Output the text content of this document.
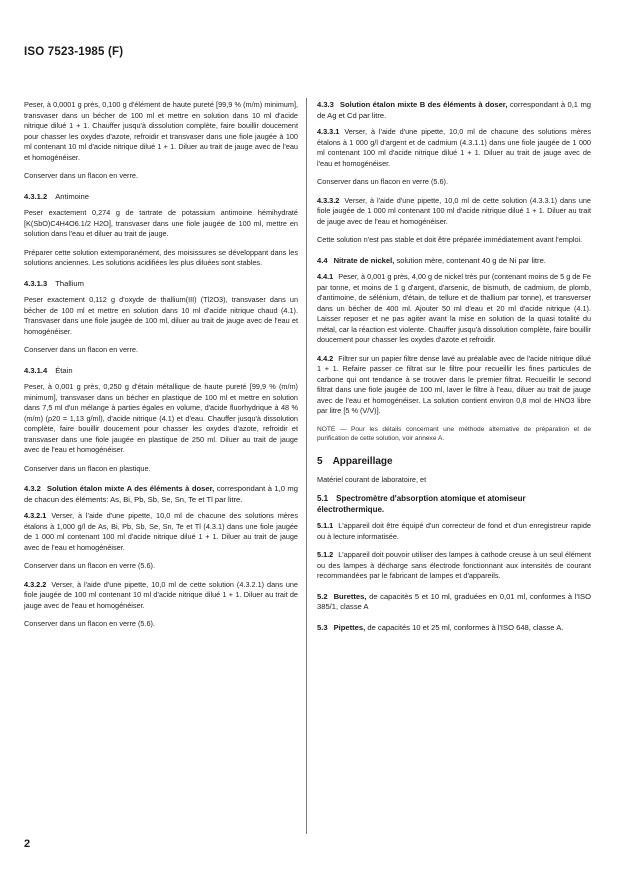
ISO 7523-1985 (F)

Peser, à 0,0001 g près, 0,100 g d'élément de haute pureté [99,9 % (m/m) minimum], transvaser dans un bécher de 100 ml et mettre en solution dans 10 ml d'acide nitrique dilué 1 + 1. Chauffer jusqu'à dissolution complète, faire bouillir doucement pour chasser les oxydes d'azote, refroidir et transvaser dans une fiole jaugée à 100 ml contenant 10 ml d'acide nitrique dilué 1 + 1. Diluer au trait de jauge avec de l'eau et homogénéiser.

Conserver dans un flacon en verre.

4.3.1.2 Antimoine

Peser exactement 0,274 g de tartrate de potassium antimoine hémihydraté [K(SbO)C4H4O6.1/2 H2O], transvaser dans une fiole jaugée de 100 ml, mettre en solution dans l'eau et diluer au trait de jauge.

Préparer cette solution extemporanément, des moisissures se développant dans les solutions anciennes. Les solutions acidifiées les plus diluées sont stables.

4.3.1.3 Thallium

Peser exactement 0,112 g d'oxyde de thallium(III) (Tl2O3), transvaser dans un bécher de 100 ml et mettre en solution dans 10 ml d'acide nitrique chaud (4.1). Transvaser dans une fiole jaugée de 100 ml, diluer au trait de jauge avec de l'eau et homogénéiser.

Conserver dans un flacon en verre.

4.3.1.4 Étain

Peser, à 0,001 g près, 0,250 g d'étain métallique de haute pureté [99,9 % (m/m) minimum], transvaser dans un bécher en plastique de 100 ml et mettre en solution dans 7,5 ml d'un mélange à parties égales en volume, d'acide fluorhydrique à 48 % (m/m) (ρ20 = 1,13 g/ml), d'acide nitrique (4.1) et d'eau. Chauffer jusqu'à dissolution complète, faire bouillir doucement pour chasser les oxydes d'azote, refroidir et transvaser dans une fiole jaugée en plastique de 250 ml. Diluer au trait de jauge avec de l'eau et homogénéiser.

Conserver dans un flacon en plastique.

4.3.2 Solution étalon mixte A des éléments à doser, correspondant à 1,0 mg de chacun des éléments: As, Bi, Pb, Sb, Se, Sn, Te et Tl par litre.

4.3.2.1 Verser, à l'aide d'une pipette, 10,0 ml de chacune des solutions mères étalons à 1,000 g/l de As, Bi, Pb, Sb, Se, Sn, Te et Tl (4.3.1) dans une fiole jaugée de 1 000 ml contenant 100 ml d'acide nitrique dilué 1 + 1. Diluer au trait de jauge avec de l'eau et homogénéiser.

Conserver dans un flacon en verre (5.6).

4.3.2.2 Verser, à l'aide d'une pipette, 10,0 ml de cette solution (4.3.2.1) dans une fiole jaugée de 100 ml contenant 10 ml d'acide nitrique dilué 1 + 1. Diluer au trait de jauge avec de l'eau et homogénéiser.

Conserver dans un flacon en verre (5.6).

4.3.3 Solution étalon mixte B des éléments à doser, correspondant à 0,1 mg de Ag et Cd par litre.

4.3.3.1 Verser, à l'aide d'une pipette, 10,0 ml de chacune des solutions mères étalons à 1 000 g/l d'argent et de cadmium (4.3.1.1) dans une fiole jaugée de 1 000 ml contenant 100 ml d'acide nitrique dilué 1 + 1. Diluer au trait de jauge avec de l'eau et homogénéiser.

Conserver dans un flacon en verre (5.6).

4.3.3.2 Verser, à l'aide d'une pipette, 10,0 ml de cette solution (4.3.3.1) dans une fiole jaugée de 1 000 ml contenant 100 ml d'acide nitrique dilué 1 + 1. Diluer au trait de jauge avec de l'eau et homogénéiser.

Cette solution n'est pas stable et doit être préparée immédiatement avant l'emploi.

4.4 Nitrate de nickel, solution mère, contenant 40 g de Ni par litre.

4.4.1 Peser, à 0,001 g près, 4,00 g de nickel très pur (contenant moins de 5 g de Fe par tonne, et moins de 1 g d'argent, d'arsenic, de bismuth, de cadmium, de plomb, d'antimoine, de sélénium, d'étain, de tellure et de thallium par tonne), et transverser dans un bécher de 400 ml. Ajouter 50 ml d'eau et 20 ml d'acide nitrique (4.1). Laisser reposer et ne pas agiter avant la mise en solution de la quasi totalité du métal, car la réaction est violente. Chauffer jusqu'à dissolution complète, faire bouillir doucement pour chasser les oxydes d'azote et refroidir.

4.4.2 Filtrer sur un papier filtre dense lavé au préalable avec de l'acide nitrique dilué 1 + 1. Refaire passer ce filtrat sur le filtre pour recueillir les fines particules de carbone qui ont tendance à se trouver dans le premier filtrat. Recueillir le second filtrat dans une fiole jaugée de 100 ml, laver le filtre à l'eau, diluer au trait de jauge avec de l'eau et homogénéiser. La solution contient environ 0,8 mol de HNO3 libre par litre [5 % (V/V)].

NOTE — Pour les détails concernant une méthode alternative de préparation et de purification de cette solution, voir annexe A.

5 Appareillage

Matériel courant de laboratoire, et

5.1 Spectromètre d'absorption atomique et atomiseur électrothermique.

5.1.1 L'appareil doit être équipé d'un correcteur de fond et d'un enregistreur rapide ou à lecture informatisée.

5.1.2 L'appareil doit pouvoir utiliser des lampes à cathode creuse à un seul élément ou des lampes à décharge sans électrode fonctionnant aux intensités de courant recommandées par le fabricant de lampes et d'appareils.

5.2 Burettes, de capacités 5 et 10 ml, graduées en 0,01 ml, conformes à l'ISO 385/1, classe A
5.3 Pipettes, de capacités 10 et 25 ml, conformes à l'ISO 648, classe A.
2
